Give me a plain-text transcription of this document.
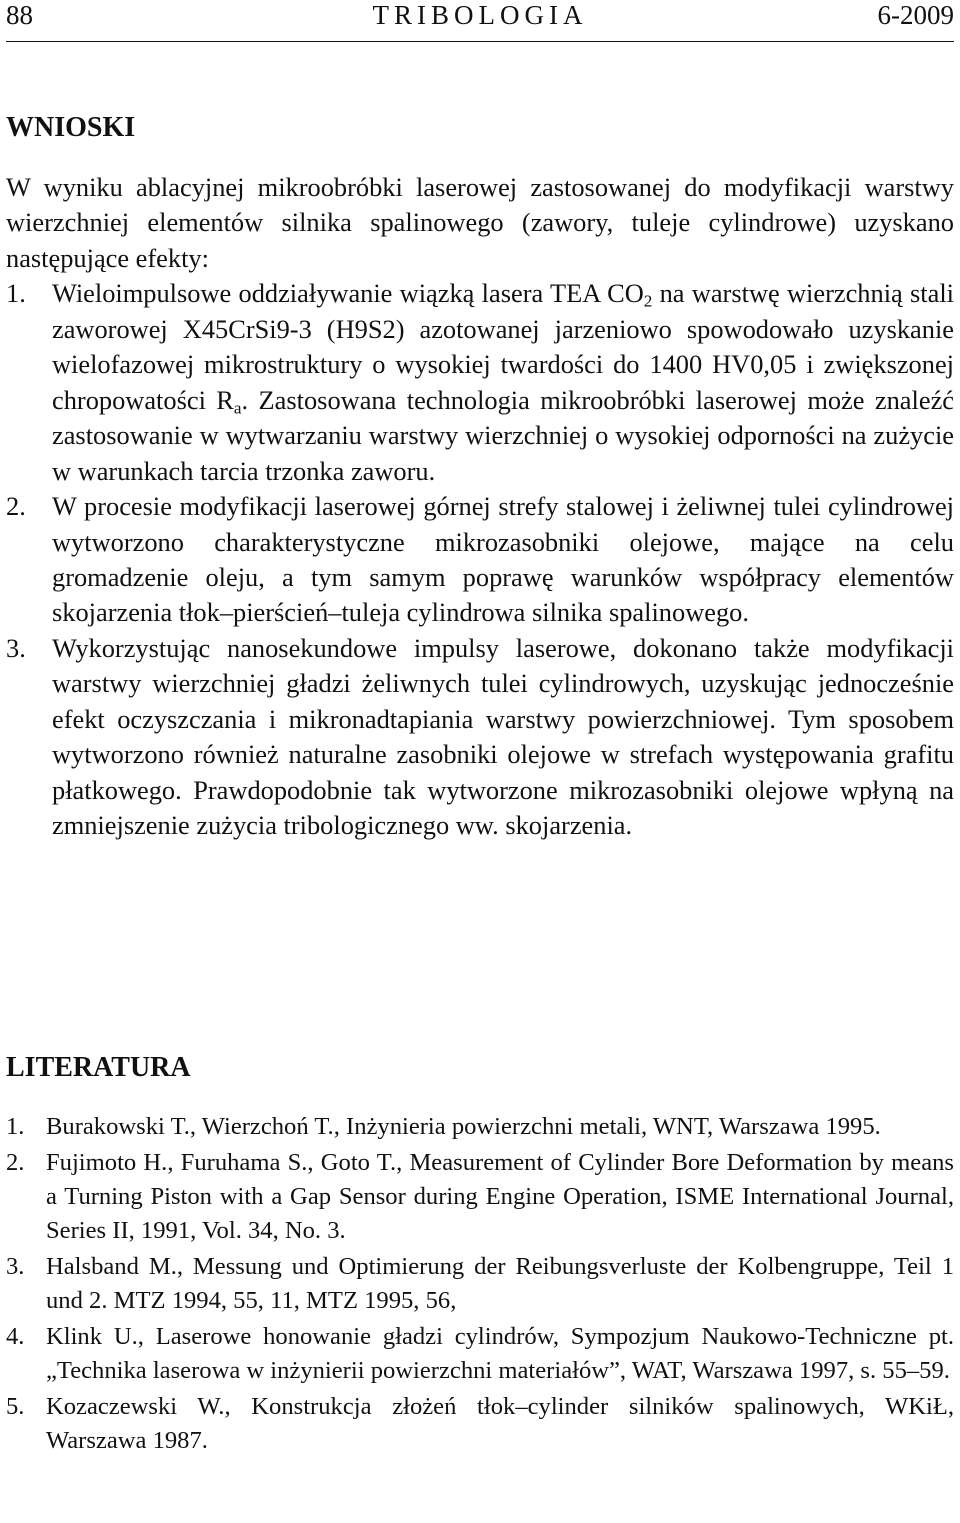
88	TRIBOLOGIA	6-2009
WNIOSKI

W wyniku ablacyjnej mikroobróbki laserowej zastosowanej do modyfikacji warstwy wierzchniej elementów silnika spalinowego (zawory, tuleje cylindrowe) uzyskano następujące efekty:

1. Wieloimpulsowe oddziaływanie wiązką lasera TEA $CO_2$ na warstwę wierzchnią stali zaworowej X45CrSi9-3 (H9S2) azotowanej jarzeniowo spowodowało uzyskanie wielofazowej mikrostruktury o wysokiej twardości do 1400 HV0,05 i zwiększonej chropowatości $R_a$. Zastosowana technologia mikroobróbki laserowej może znaleźć zastosowanie w wytwarzaniu warstwy wierzchniej o wysokiej odporności na zużycie w warunkach tarcia trzonka zaworu.
2. W procesie modyfikacji laserowej górnej strefy stalowej i żeliwnej tulei cylindrowej wytworzono charakterystyczne mikrozasobniki olejowe, mające na celu gromadzenie oleju, a tym samym poprawę warunków współpracy elementów skojarzenia tłok–pierścień–tuleja cylindrowa silnika spalinowego.
3. Wykorzystując nanosekundowe impulsy laserowe, dokonano także modyfikacji warstwy wierzchniej gładzi żeliwnych tulei cylindrowych, uzyskując jednocześnie efekt oczyszczania i mikronadtapiania warstwy powierzchniowej. Tym sposobem wytworzono również naturalne zasobniki olejowe w strefach występowania grafitu płatkowego. Prawdopodobnie tak wytworzone mikrozasobniki olejowe wpłyną na zmniejszenie zużycia tribologicznego ww. skojarzenia.
LITERATURA
1. Burakowski T., Wierzchoń T., Inżynieria powierzchni metali, WNT, Warszawa 1995.
2. Fujimoto H., Furuhama S., Goto T., Measurement of Cylinder Bore Deformation by means a Turning Piston with a Gap Sensor during Engine Operation, ISME International Journal, Series II, 1991, Vol. 34, No. 3.
3. Halsband M., Messung und Optimierung der Reibungsverluste der Kolbengruppe, Teil 1 und 2. MTZ 1994, 55, 11, MTZ 1995, 56,
4. Klink U., Laserowe honowanie gładzi cylindrów, Sympozjum Naukowo-Techniczne pt. „Technika laserowa w inżynierii powierzchni materiałów”, WAT, Warszawa 1997, s. 55–59.
5. Kozaczewski W., Konstrukcja złożeń tłok–cylinder silników spalinowych, WKiŁ, Warszawa 1987.
